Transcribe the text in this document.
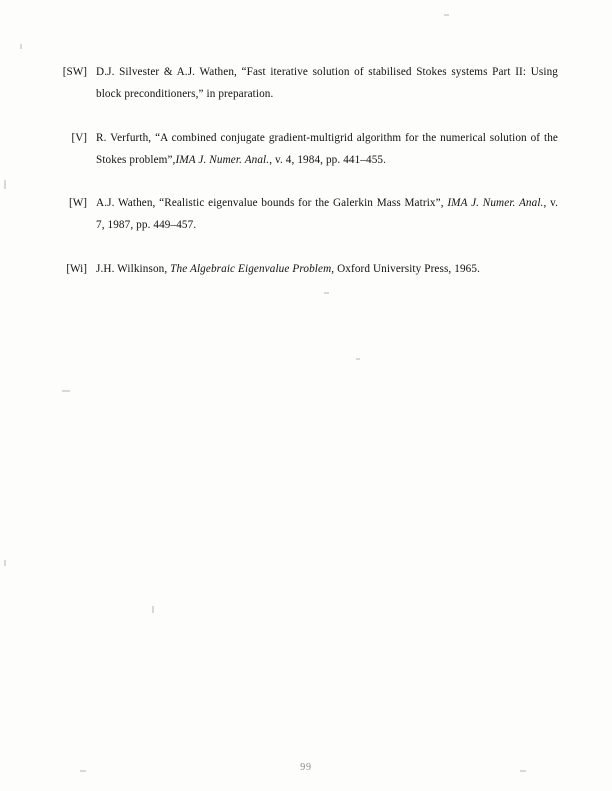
[SW] D.J. Silvester & A.J. Wathen, “Fast iterative solution of stabilised Stokes systems Part II: Using block preconditioners,” in preparation.
[V] R. Verfurth, “A combined conjugate gradient-multigrid algorithm for the numerical solution of the Stokes problem”,IMA J. Numer. Anal., v. 4, 1984, pp. 441–455.
[W] A.J. Wathen, “Realistic eigenvalue bounds for the Galerkin Mass Matrix”, IMA J. Numer. Anal., v. 7, 1987, pp. 449–457.
[Wi] J.H. Wilkinson, The Algebraic Eigenvalue Problem, Oxford University Press, 1965.
99
